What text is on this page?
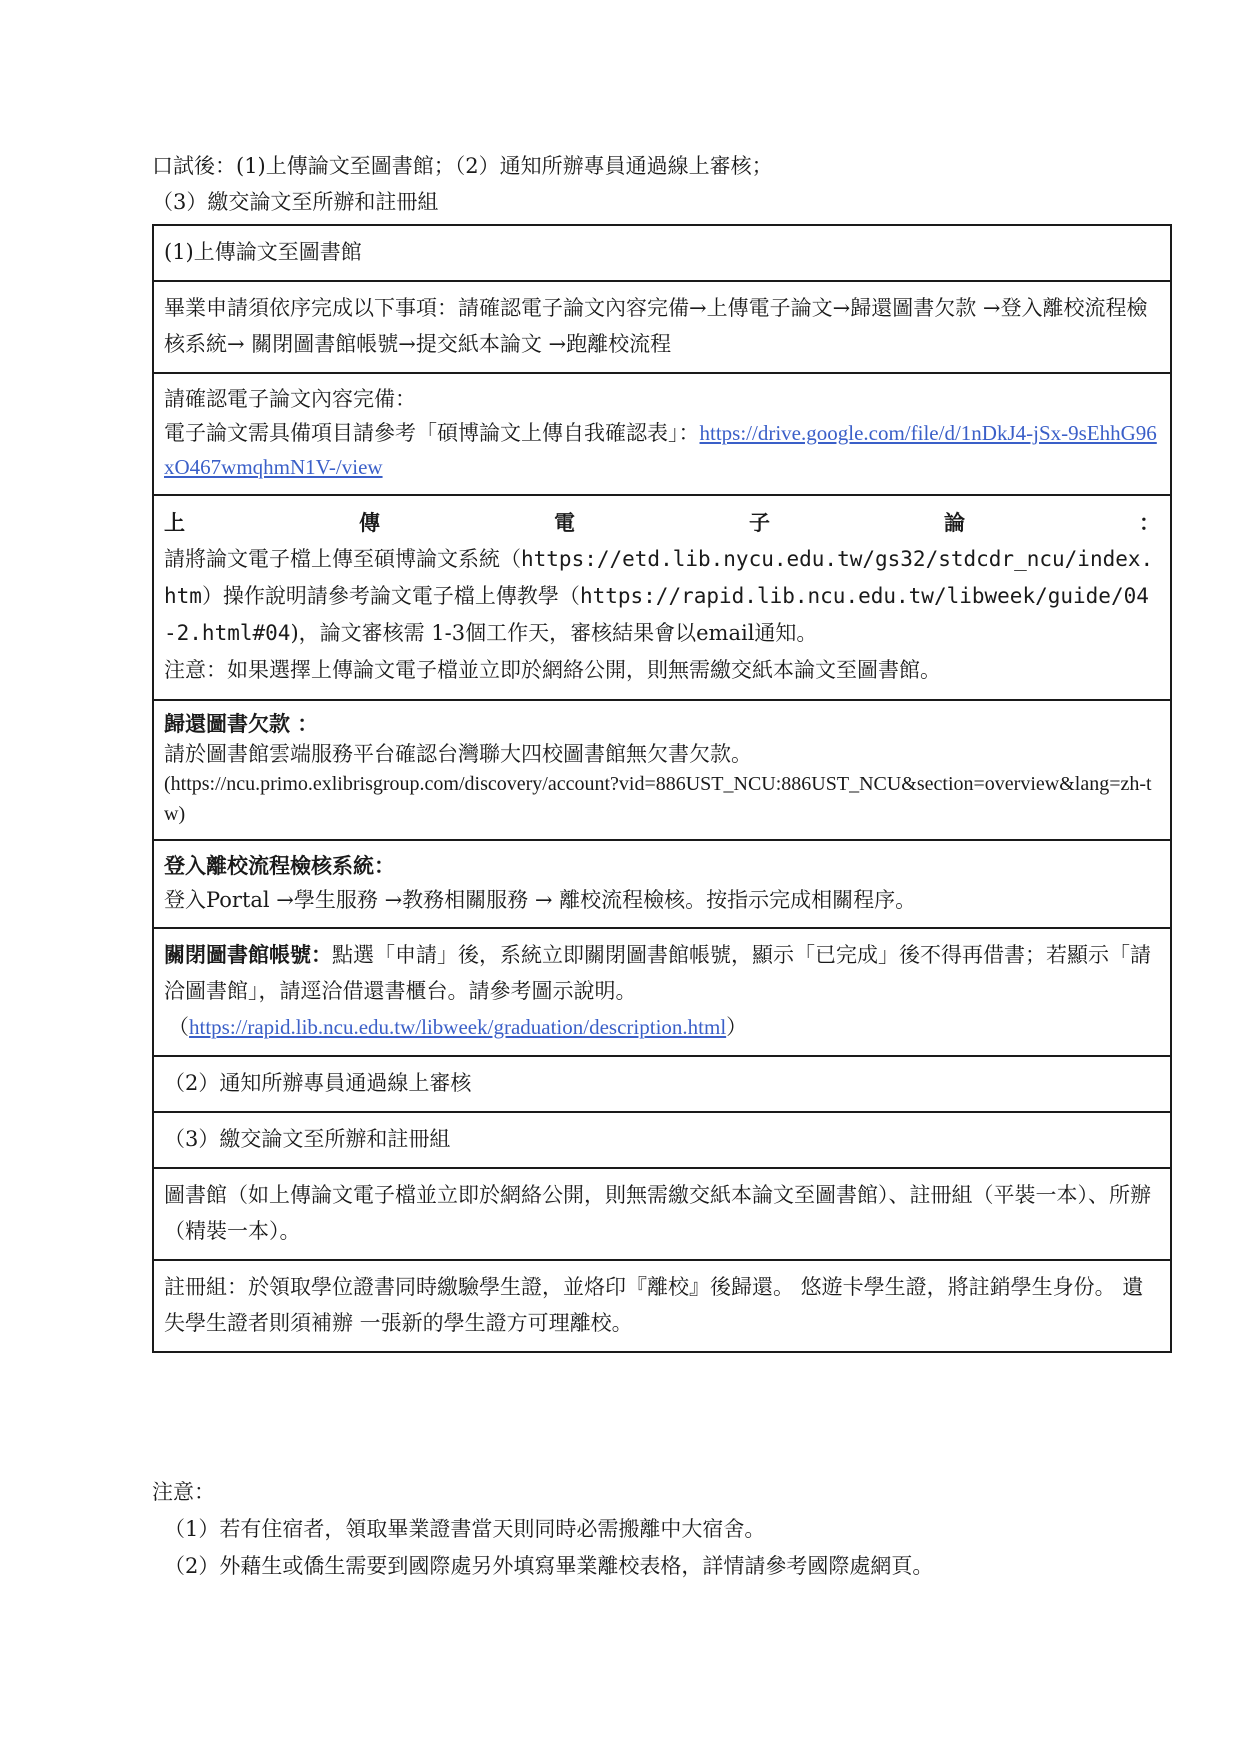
口試後：(1)上傳論文至圖書館；（2）通知所辦專員通過線上審核；
（3）繳交論文至所辦和註冊組
(1)上傳論文至圖書館
畢業申請須依序完成以下事項：請確認電子論文內容完備→上傳電子論文→歸還圖書欠款 →登入離校流程檢核系統→ 關閉圖書館帳號→提交紙本論文 →跑離校流程

請確認電子論文內容完備：
電子論文需具備項目請參考「碩博論文上傳自我確認表」：https://drive.google.com/file/d/1nDkJ4-jSx-9sEhhG96xO467wmqhmN1V-/view

上	傳	電	子	論	：
請將論文電子檔上傳至碩博論文系統（https://etd.lib.nycu.edu.tw/gs32/stdcdr_ncu/index.htm）操作說明請參考論文電子檔上傳教學（https://rapid.lib.ncu.edu.tw/libweek/guide/04-2.html#04)，論文審核需 1-3個工作天，審核結果會以email通知。
注意：如果選擇上傳論文電子檔並立即於網絡公開，則無需繳交紙本論文至圖書館。

歸還圖書欠款 ：
請於圖書館雲端服務平台確認台灣聯大四校圖書館無欠書欠款。
(https://ncu.primo.exlibrisgroup.com/discovery/account?vid=886UST_NCU:886UST_NCU&section=overview&lang=zh-tw)

登入離校流程檢核系統：
登入Portal →學生服務 →教務相關服務 → 離校流程檢核。按指示完成相關程序。

關閉圖書館帳號：點選「申請」後，系統立即關閉圖書館帳號，顯示「已完成」後不得再借書；若顯示「請洽圖書館」，請逕洽借還書櫃台。請參考圖示說明。
（https://rapid.lib.ncu.edu.tw/libweek/graduation/description.html）

（2）通知所辦專員通過線上審核
（3）繳交論文至所辦和註冊組
圖書館（如上傳論文電子檔並立即於網絡公開，則無需繳交紙本論文至圖書館）、註冊組（平裝一本）、所辦（精裝一本）。
註冊組：於領取學位證書同時繳驗學生證，並烙印『離校』後歸還。 悠遊卡學生證，將註銷學生身份。 遺失學生證者則須補辦 一張新的學生證方可理離校。
注意：
（1）若有住宿者，領取畢業證書當天則同時必需搬離中大宿舍。
（2）外藉生或僑生需要到國際處另外填寫畢業離校表格，詳情請參考國際處網頁。
